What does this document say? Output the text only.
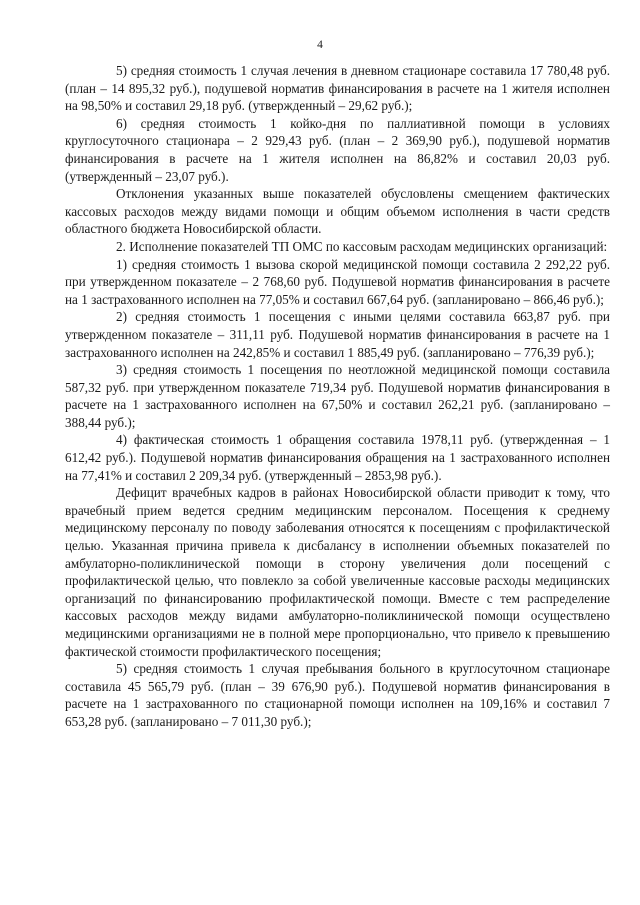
4

5) средняя стоимость 1 случая лечения в дневном стационаре составила 17 780,48 руб. (план – 14 895,32 руб.), подушевой норматив финансирования в расчете на 1 жителя исполнен на 98,50% и составил 29,18 руб. (утвержденный – 29,62 руб.);

6) средняя стоимость 1 койко-дня по паллиативной помощи в условиях круглосуточного стационара – 2 929,43 руб. (план – 2 369,90 руб.), подушевой норматив финансирования в расчете на 1 жителя исполнен на 86,82% и составил 20,03 руб. (утвержденный – 23,07 руб.).

Отклонения указанных выше показателей обусловлены смещением фактических кассовых расходов между видами помощи и общим объемом исполнения в части средств областного бюджета Новосибирской области.

2. Исполнение показателей ТП ОМС по кассовым расходам медицинских организаций:

1) средняя стоимость 1 вызова скорой медицинской помощи составила 2 292,22 руб. при утвержденном показателе – 2 768,60 руб. Подушевой норматив финансирования в расчете на 1 застрахованного исполнен на 77,05% и составил 667,64 руб. (запланировано – 866,46 руб.);

2) средняя стоимость 1 посещения с иными целями составила 663,87 руб. при утвержденном показателе – 311,11 руб. Подушевой норматив финансирования в расчете на 1 застрахованного исполнен на 242,85% и составил 1 885,49 руб. (запланировано – 776,39 руб.);

3) средняя стоимость 1 посещения по неотложной медицинской помощи составила 587,32 руб. при утвержденном показателе 719,34 руб. Подушевой норматив финансирования в расчете на 1 застрахованного исполнен на 67,50% и составил 262,21 руб. (запланировано – 388,44 руб.);

4) фактическая стоимость 1 обращения составила 1978,11 руб. (утвержденная – 1 612,42 руб.). Подушевой норматив финансирования обращения на 1 застрахованного исполнен на 77,41% и составил 2 209,34 руб. (утвержденный – 2853,98 руб.).

Дефицит врачебных кадров в районах Новосибирской области приводит к тому, что врачебный прием ведется средним медицинским персоналом. Посещения к среднему медицинскому персоналу по поводу заболевания относятся к посещениям с профилактической целью. Указанная причина привела к дисбалансу в исполнении объемных показателей по амбулаторно-поликлинической помощи в сторону увеличения доли посещений с профилактической целью, что повлекло за собой увеличенные кассовые расходы медицинских организаций по финансированию профилактической помощи. Вместе с тем распределение кассовых расходов между видами амбулаторно-поликлинической помощи осуществлено медицинскими организациями не в полной мере пропорционально, что привело к превышению фактической стоимости профилактического посещения;

5) средняя стоимость 1 случая пребывания больного в круглосуточном стационаре составила 45 565,79 руб. (план – 39 676,90 руб.). Подушевой норматив финансирования в расчете на 1 застрахованного по стационарной помощи исполнен на 109,16% и составил 7 653,28 руб. (запланировано – 7 011,30 руб.);
